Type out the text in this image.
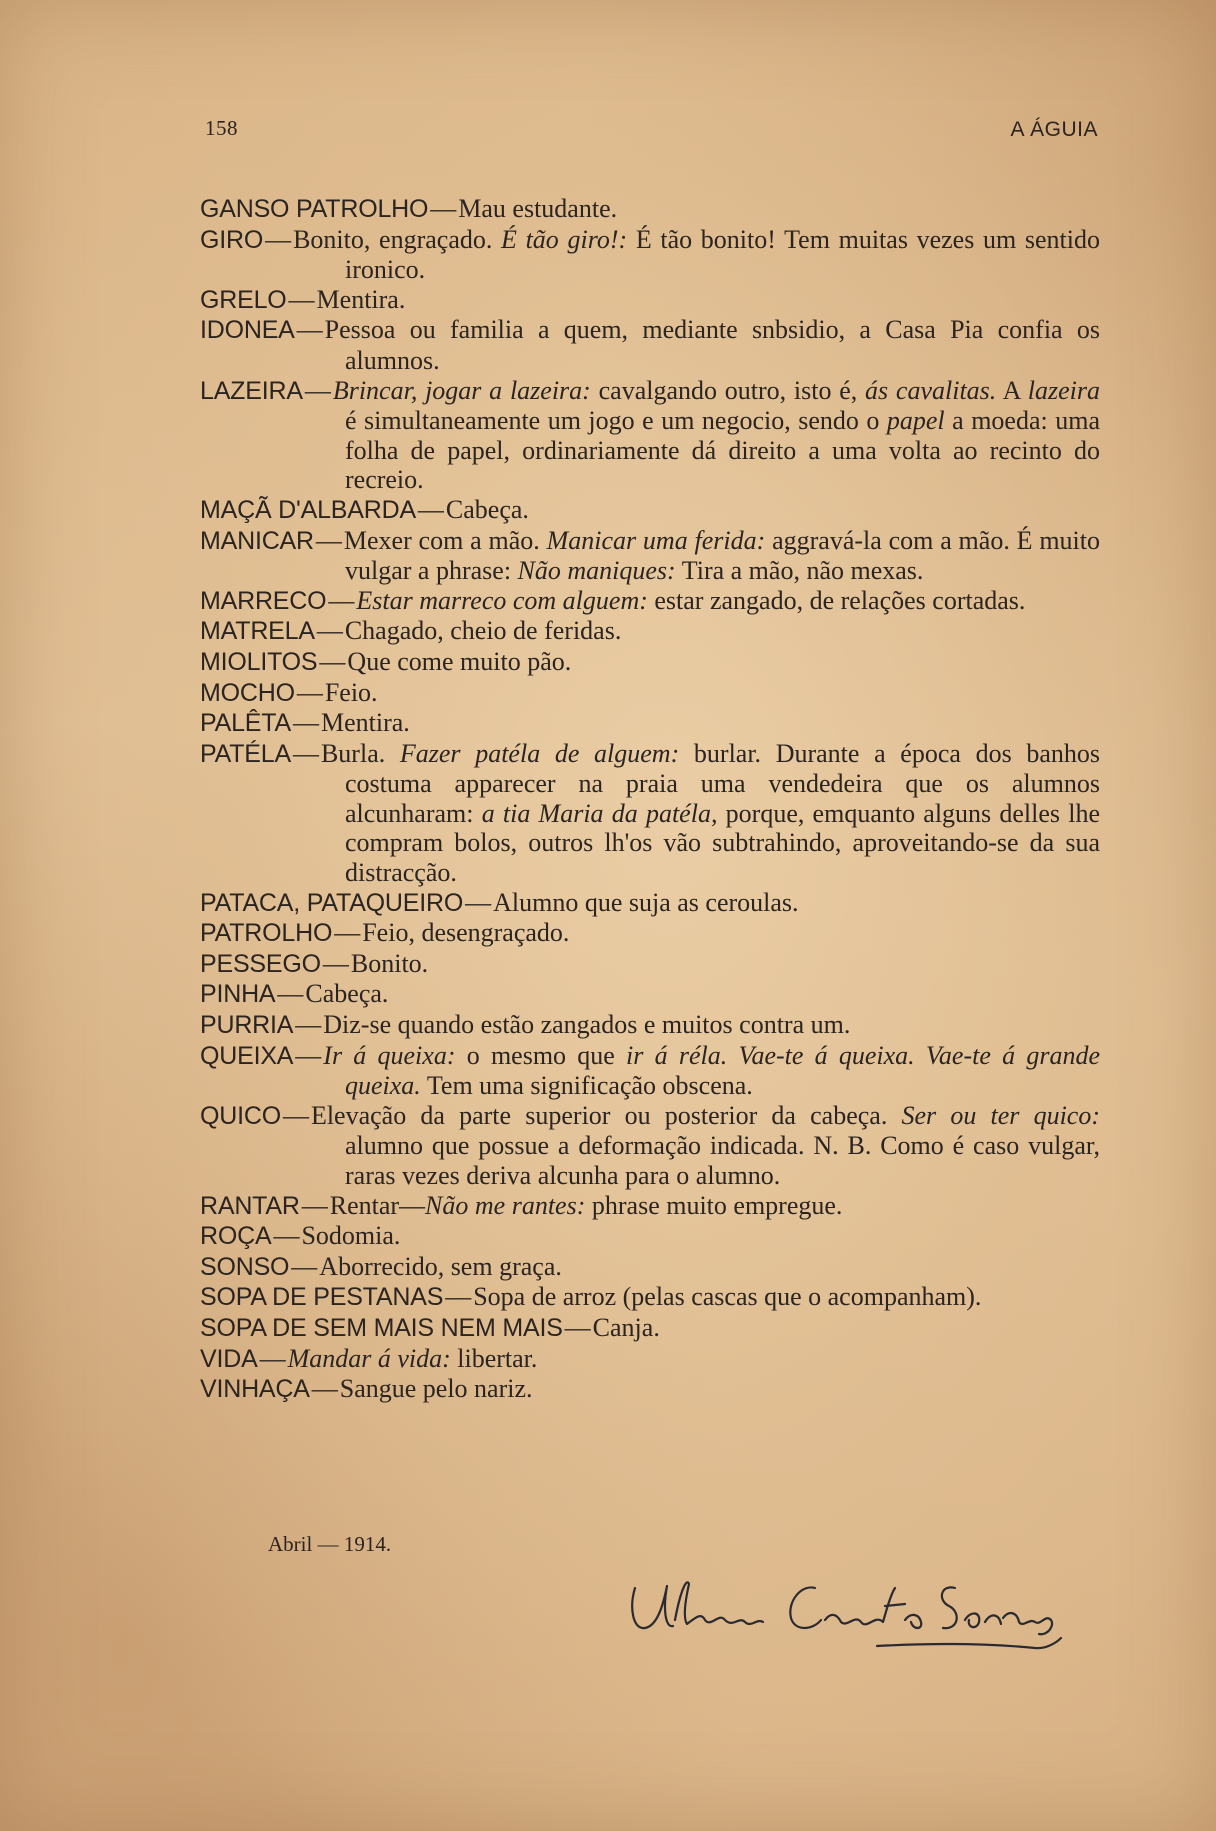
158	A ÁGUIA

GANSO PATROLHO—Mau estudante.

GIRO—Bonito, engraçado. É tão giro!: É tão bonito! Tem muitas vezes um sentido ironico.

GRELO—Mentira.

IDONEA—Pessoa ou familia a quem, mediante snbsidio, a Casa Pia confia os alumnos.

LAZEIRA—Brincar, jogar a lazeira: cavalgando outro, isto é, ás cavalitas. A lazeira é simultaneamente um jogo e um negocio, sendo o papel a moeda: uma folha de papel, ordinariamente dá direito a uma volta ao recinto do recreio.

MAÇÃ D'ALBARDA—Cabeça.

MANICAR—Mexer com a mão. Manicar uma ferida: aggravá-la com a mão. É muito vulgar a phrase: Não maniques: Tira a mão, não mexas.

MARRECO—Estar marreco com alguem: estar zangado, de relações cortadas.

MATRELA—Chagado, cheio de feridas.

MIOLITOS—Que come muito pão.

MOCHO—Feio.

PALÊTA—Mentira.

PATÉLA—Burla. Fazer patéla de alguem: burlar. Durante a época dos banhos costuma apparecer na praia uma vendedeira que os alumnos alcunharam: a tia Maria da patéla, porque, emquanto alguns delles lhe compram bolos, outros lh'os vão subtrahindo, aproveitando-se da sua distracção.

PATACA, PATAQUEIRO—Alumno que suja as ceroulas.

PATROLHO—Feio, desengraçado.

PESSEGO—Bonito.

PINHA—Cabeça.

PURRIA—Diz-se quando estão zangados e muitos contra um.

QUEIXA—Ir á queixa: o mesmo que ir á réla. Vae-te á queixa. Vae-te á grande queixa. Tem uma significação obscena.

QUICO—Elevação da parte superior ou posterior da cabeça. Ser ou ter quico: alumno que possue a deformação indicada. N. B. Como é caso vulgar, raras vezes deriva alcunha para o alumno.

RANTAR—Rentar—Não me rantes: phrase muito empregue.

ROÇA—Sodomia.

SONSO—Aborrecido, sem graça.

SOPA DE PESTANAS—Sopa de arroz (pelas cascas que o acompanham).

SOPA DE SEM MAIS NEM MAIS—Canja.

VIDA—Mandar á vida: libertar.

VINHAÇA—Sangue pelo nariz.

Abril — 1914.
